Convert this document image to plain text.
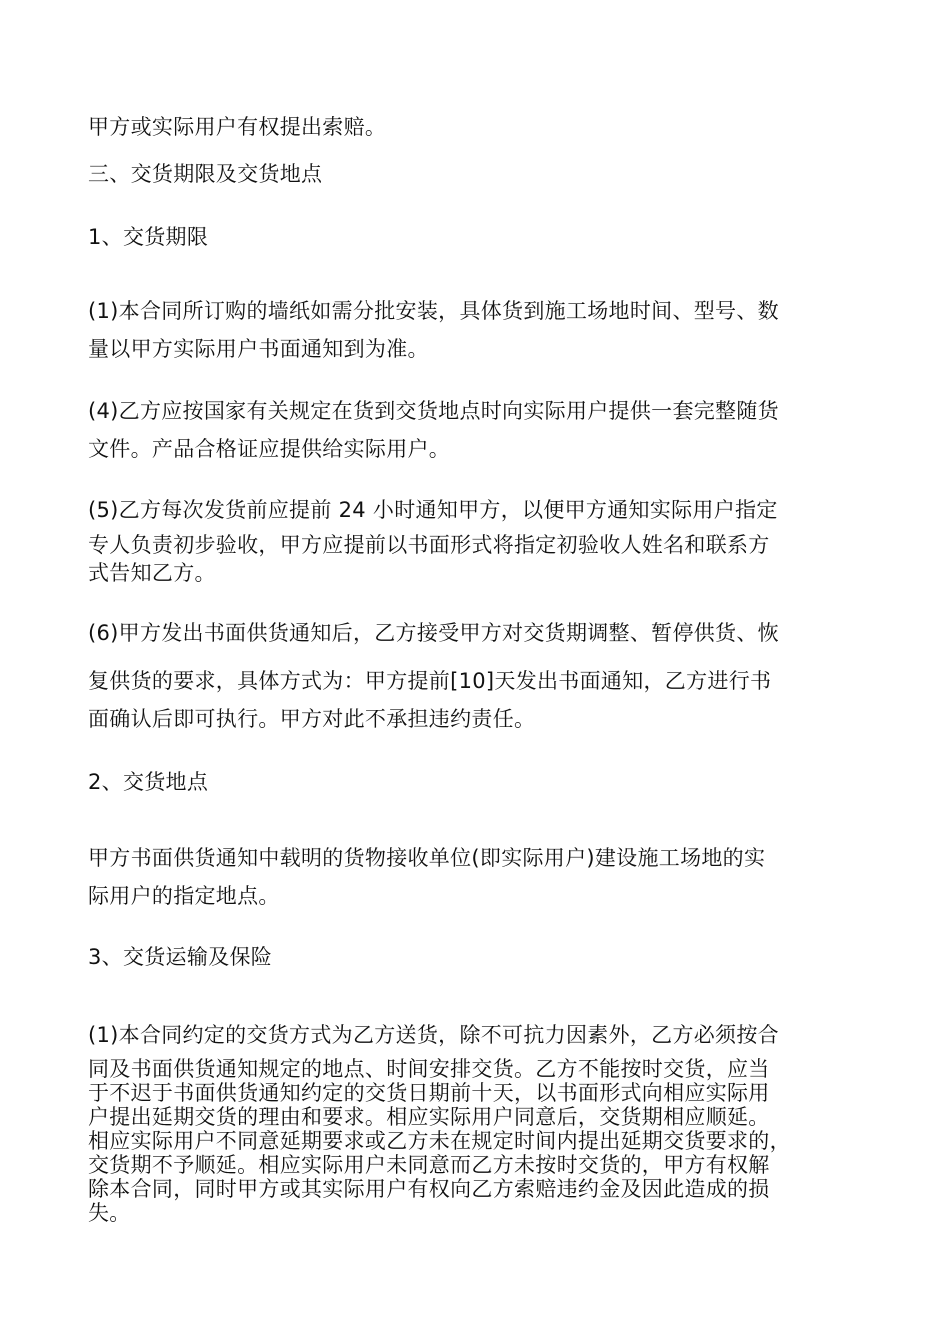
甲方或实际用户有权提出索赔。
三、交货期限及交货地点
1、交货期限
(1)本合同所订购的墙纸如需分批安装，具体货到施工场地时间、型号、数
量以甲方实际用户书面通知到为准。
(4)乙方应按国家有关规定在货到交货地点时向实际用户提供一套完整随货
文件。产品合格证应提供给实际用户。
(5)乙方每次发货前应提前 24 小时通知甲方，以便甲方通知实际用户指定
专人负责初步验收，甲方应提前以书面形式将指定初验收人姓名和联系方
式告知乙方。
(6)甲方发出书面供货通知后，乙方接受甲方对交货期调整、暂停供货、恢
复供货的要求，具体方式为：甲方提前[10]天发出书面通知，乙方进行书
面确认后即可执行。甲方对此不承担违约责任。
2、交货地点
甲方书面供货通知中载明的货物接收单位(即实际用户)建设施工场地的实
际用户的指定地点。
3、交货运输及保险
(1)本合同约定的交货方式为乙方送货，除不可抗力因素外，乙方必须按合
同及书面供货通知规定的地点、时间安排交货。乙方不能按时交货，应当
于不迟于书面供货通知约定的交货日期前十天，以书面形式向相应实际用
户提出延期交货的理由和要求。相应实际用户同意后，交货期相应顺延。
相应实际用户不同意延期要求或乙方未在规定时间内提出延期交货要求的，
交货期不予顺延。相应实际用户未同意而乙方未按时交货的，甲方有权解
除本合同，同时甲方或其实际用户有权向乙方索赔违约金及因此造成的损
失。
